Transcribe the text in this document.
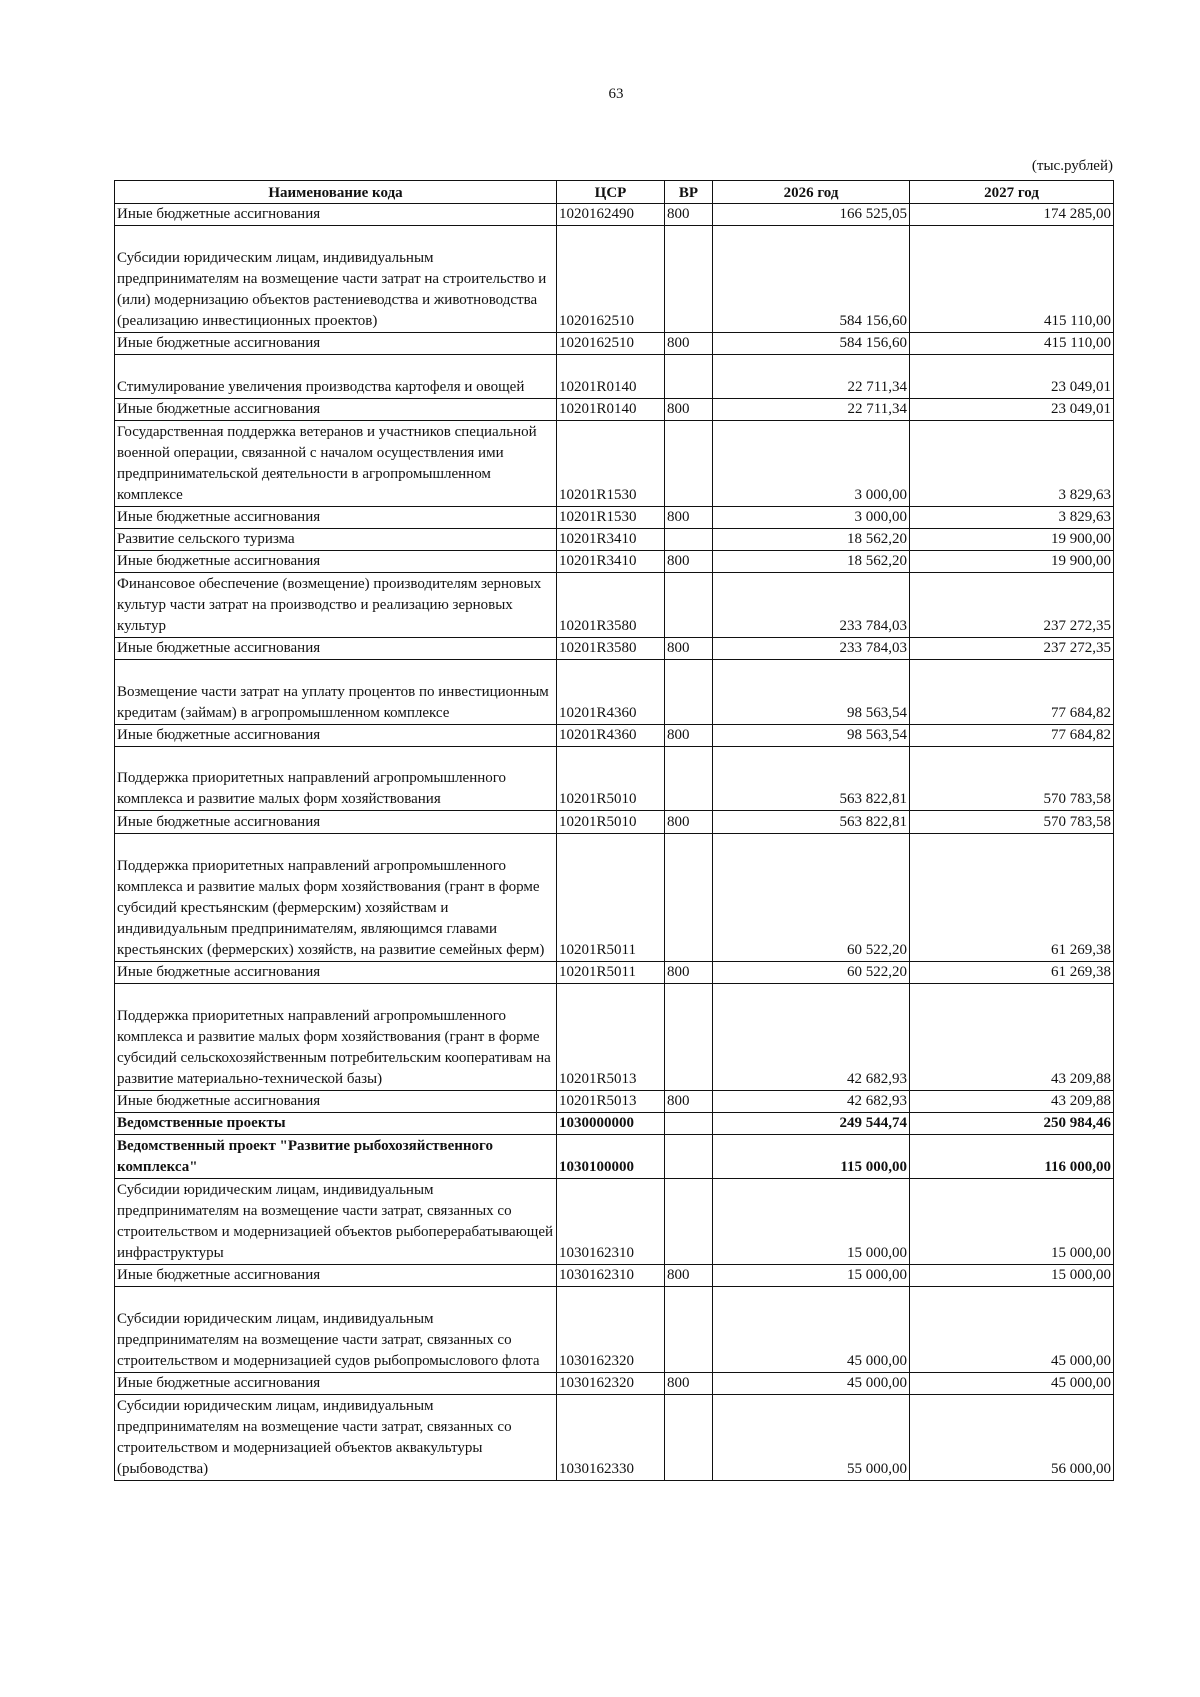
63
(тыс.рублей)
Наименование кода	ЦСР	ВР	2026 год	2027 год
Иные бюджетные ассигнования	1020162490	800	166 525,05	174 285,00
Субсидии юридическим лицам, индивидуальным предпринимателям на возмещение части затрат на строительство и (или) модернизацию объектов растениеводства и животноводства (реализацию инвестиционных проектов)	1020162510		584 156,60	415 110,00
Иные бюджетные ассигнования	1020162510	800	584 156,60	415 110,00
Стимулирование увеличения производства картофеля и овощей	10201R0140		22 711,34	23 049,01
Иные бюджетные ассигнования	10201R0140	800	22 711,34	23 049,01
Государственная поддержка ветеранов и участников специальной военной операции, связанной с началом осуществления ими предпринимательской деятельности в агропромышленном комплексе	10201R1530		3 000,00	3 829,63
Иные бюджетные ассигнования	10201R1530	800	3 000,00	3 829,63
Развитие сельского туризма	10201R3410		18 562,20	19 900,00
Иные бюджетные ассигнования	10201R3410	800	18 562,20	19 900,00
Финансовое обеспечение (возмещение) производителям зерновых культур части затрат на производство и реализацию зерновых культур	10201R3580		233 784,03	237 272,35
Иные бюджетные ассигнования	10201R3580	800	233 784,03	237 272,35
Возмещение части затрат на уплату процентов по инвестиционным кредитам (займам) в агропромышленном комплексе	10201R4360		98 563,54	77 684,82
Иные бюджетные ассигнования	10201R4360	800	98 563,54	77 684,82
Поддержка приоритетных направлений агропромышленного комплекса и развитие малых форм хозяйствования	10201R5010		563 822,81	570 783,58
Иные бюджетные ассигнования	10201R5010	800	563 822,81	570 783,58
Поддержка приоритетных направлений агропромышленного комплекса и развитие малых форм хозяйствования (грант в форме субсидий крестьянским (фермерским) хозяйствам и индивидуальным предпринимателям, являющимся главами крестьянских (фермерских) хозяйств, на развитие семейных ферм)	10201R5011		60 522,20	61 269,38
Иные бюджетные ассигнования	10201R5011	800	60 522,20	61 269,38
Поддержка приоритетных направлений агропромышленного комплекса и развитие малых форм хозяйствования (грант в форме субсидий сельскохозяйственным потребительским кооперативам на развитие материально-технической базы)	10201R5013		42 682,93	43 209,88
Иные бюджетные ассигнования	10201R5013	800	42 682,93	43 209,88
Ведомственные проекты	1030000000		249 544,74	250 984,46
Ведомственный проект "Развитие рыбохозяйственного комплекса"	1030100000		115 000,00	116 000,00
Субсидии юридическим лицам, индивидуальным предпринимателям на возмещение части затрат, связанных со строительством и модернизацией объектов рыбоперерабатывающей инфраструктуры	1030162310		15 000,00	15 000,00
Иные бюджетные ассигнования	1030162310	800	15 000,00	15 000,00
Субсидии юридическим лицам, индивидуальным предпринимателям на возмещение части затрат, связанных со строительством и модернизацией судов рыбопромыслового флота	1030162320		45 000,00	45 000,00
Иные бюджетные ассигнования	1030162320	800	45 000,00	45 000,00
Субсидии юридическим лицам, индивидуальным предпринимателям на возмещение части затрат, связанных со строительством и модернизацией объектов аквакультуры (рыбоводства)	1030162330		55 000,00	56 000,00
